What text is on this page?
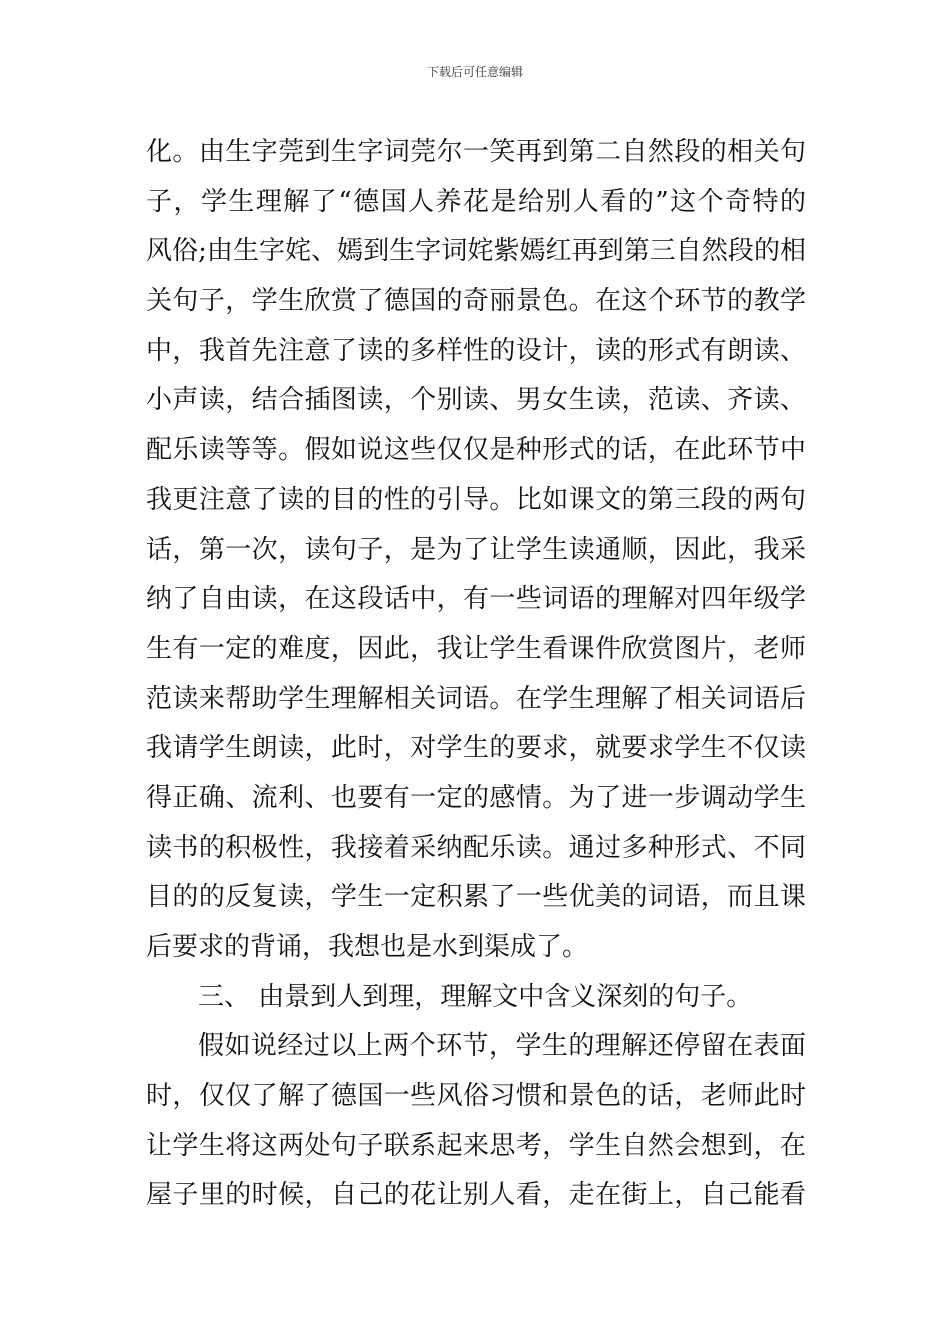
下载后可任意编辑
化。由生字莞到生字词莞尔一笑再到第二自然段的相关句
子，学生理解了“德国人养花是给别人看的”这个奇特的
风俗;由生字姹、嫣到生字词姹紫嫣红再到第三自然段的相
关句子，学生欣赏了德国的奇丽景色。在这个环节的教学
中，我首先注意了读的多样性的设计，读的形式有朗读、
小声读，结合插图读，个别读、男女生读，范读、齐读、
配乐读等等。假如说这些仅仅是种形式的话，在此环节中
我更注意了读的目的性的引导。比如课文的第三段的两句
话，第一次，读句子，是为了让学生读通顺，因此，我采
纳了自由读，在这段话中，有一些词语的理解对四年级学
生有一定的难度，因此，我让学生看课件欣赏图片，老师
范读来帮助学生理解相关词语。在学生理解了相关词语后
我请学生朗读，此时，对学生的要求，就要求学生不仅读
得正确、流利、也要有一定的感情。为了进一步调动学生
读书的积极性，我接着采纳配乐读。通过多种形式、不同
目的的反复读，学生一定积累了一些优美的词语，而且课
后要求的背诵，我想也是水到渠成了。
三、 由景到人到理，理解文中含义深刻的句子。
假如说经过以上两个环节，学生的理解还停留在表面
时，仅仅了解了德国一些风俗习惯和景色的话，老师此时
让学生将这两处句子联系起来思考，学生自然会想到，在
屋子里的时候，自己的花让别人看，走在街上，自己能看
